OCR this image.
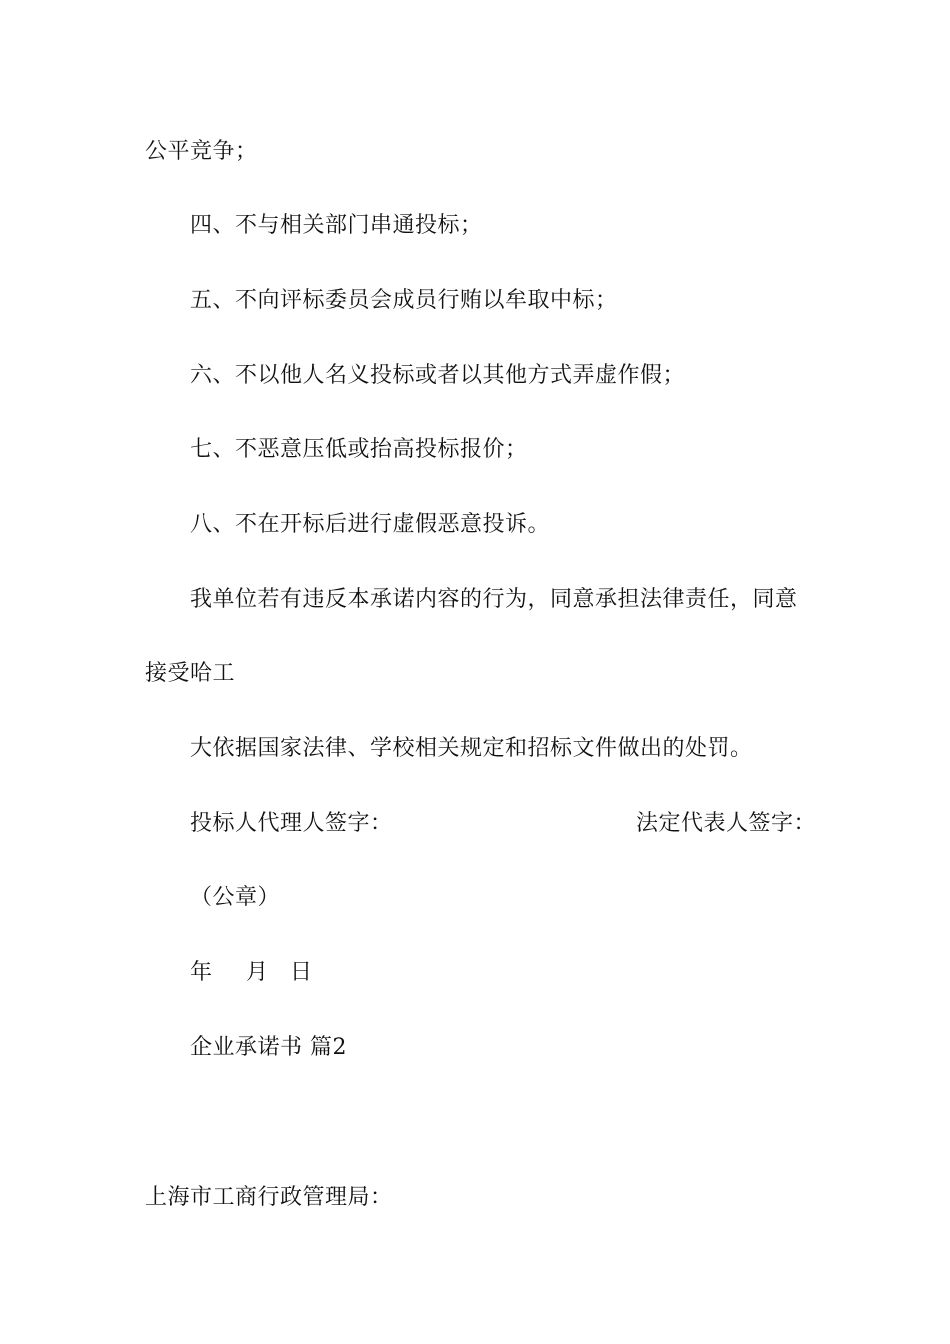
公平竞争；
四、不与相关部门串通投标；
五、不向评标委员会成员行贿以牟取中标；
六、不以他人名义投标或者以其他方式弄虚作假；
七、不恶意压低或抬高投标报价；
八、不在开标后进行虚假恶意投诉。
我单位若有违反本承诺内容的行为，同意承担法律责任，同意
接受哈工
大依据国家法律、学校相关规定和招标文件做出的处罚。
投标人代理人签字：	法定代表人签字：
（公章）
年 月 日
企业承诺书 篇2
上海市工商行政管理局：
